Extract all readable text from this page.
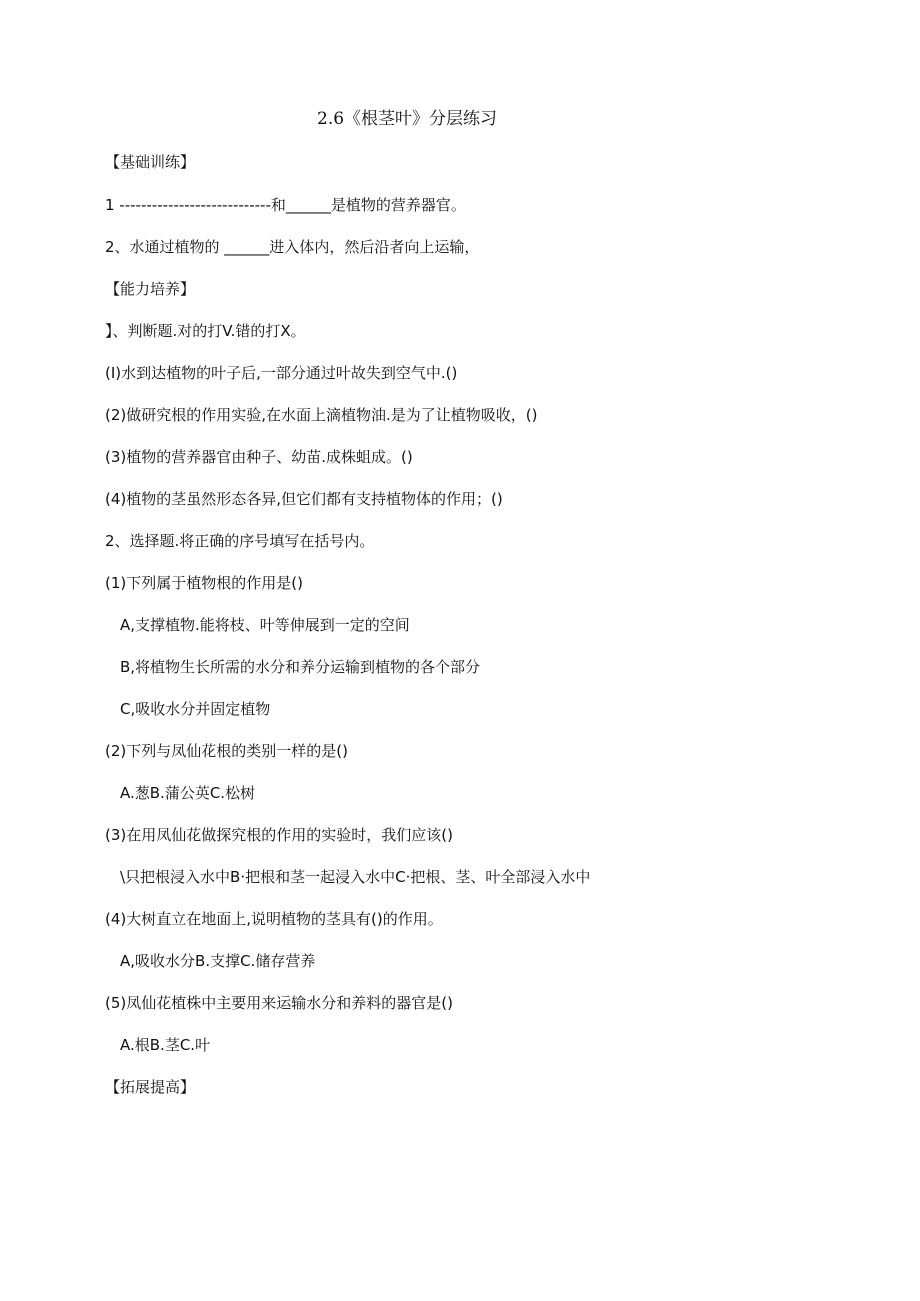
2.6《根茎叶》分层练习
【基础训练】
1 ----------------------------和______是植物的营养器官。
2、水通过植物的 ______进入体内，然后沿者向上运输，
【能力培养】
】、判断题.对的打V.错的打X。
(I)水到达植物的叶子后,一部分通过叶故失到空气中.()
(2)做研究根的作用实验,在水面上滴植物油.是为了让植物吸收，()
(3)植物的营养器官由种子、幼苗.成株蛆成。()
(4)植物的茎虽然形态各异,但它们都有支持植物体的作用；()
2、选择题.将正确的序号填写在括号内。
(1)下列属于植物根的作用是()
A,支撑植物.能将枝、叶等伸展到一定的空间
B,将植物生长所需的水分和养分运输到植物的各个部分
C,吸收水分并固定植物
(2)下列与凤仙花根的类别一样的是()
A.葱B.蒲公英C.松树
(3)在用凤仙花做探究根的作用的实验时，我们应该()
\只把根浸入水中B·把根和茎一起浸入水中C·把根、茎、叶全部浸入水中
(4)大树直立在地面上,说明植物的茎具有()的作用。
A,吸收水分B.支撑C.储存营养
(5)凤仙花植株中主要用来运输水分和养料的器官是()
A.根B.茎C.叶
【拓展提高】
